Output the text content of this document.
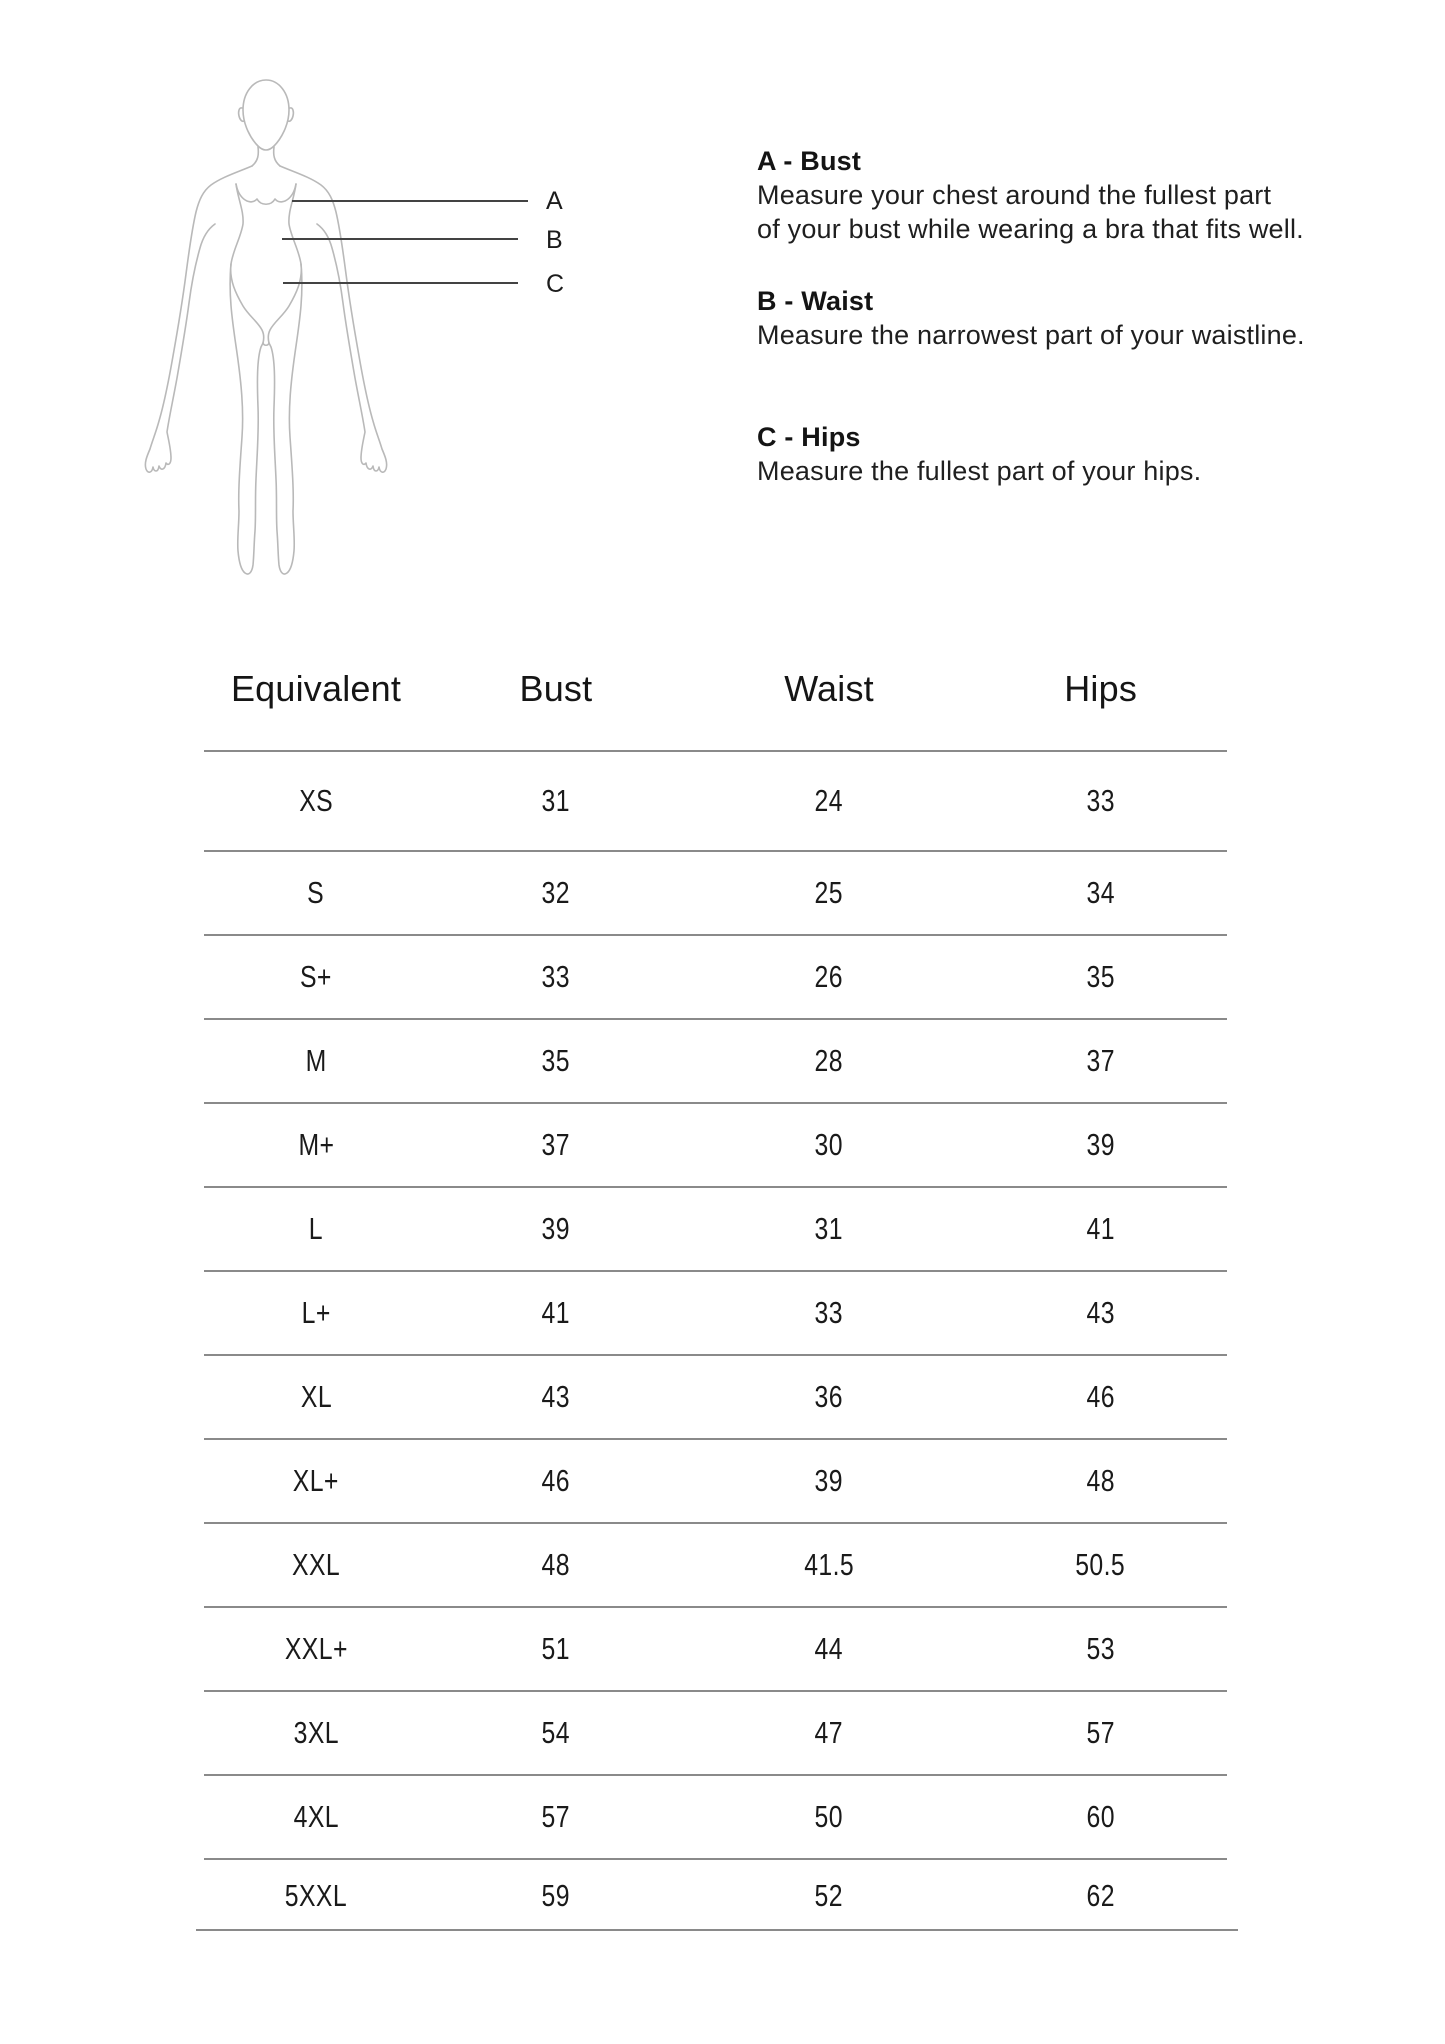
A
B
C
A - Bust
Measure your chest around the fullest part
of your bust while wearing a bra that fits well.
B - Waist
Measure the narrowest part of your waistline.
C - Hips
Measure the fullest part of your hips.
Equivalent	Bust	Waist	Hips
XS	31	24	33
S	32	25	34
S+	33	26	35
M	35	28	37
M+	37	30	39
L	39	31	41
L+	41	33	43
XL	43	36	46
XL+	46	39	48
XXL	48	41.5	50.5
XXL+	51	44	53
3XL	54	47	57
4XL	57	50	60
5XXL	59	52	62
